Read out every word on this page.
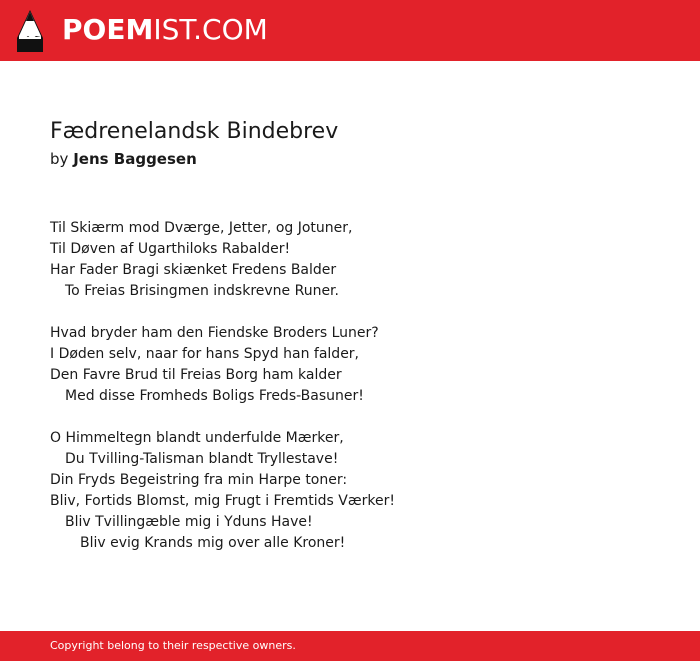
POEMIST.COM
Fædrenelandsk Bindebrev
by Jens Baggesen
Til Skiærm mod Dværge, Jetter, og Jotuner,
Til Døven af Ugarthiloks Rabalder!
Har Fader Bragi skiænket Fredens Balder
To Freias Brisingmen indskrevne Runer.
Hvad bryder ham den Fiendske Broders Luner?
I Døden selv, naar for hans Spyd han falder,
Den Favre Brud til Freias Borg ham kalder
Med disse Fromheds Boligs Freds-Basuner!
O Himmeltegn blandt underfulde Mærker,
Du Tvilling-Talisman blandt Tryllestave!
Din Fryds Begeistring fra min Harpe toner:
Bliv, Fortids Blomst, mig Frugt i Fremtids Værker!
Bliv Tvillingæble mig i Yduns Have!
Bliv evig Krands mig over alle Kroner!
Copyright belong to their respective owners.
